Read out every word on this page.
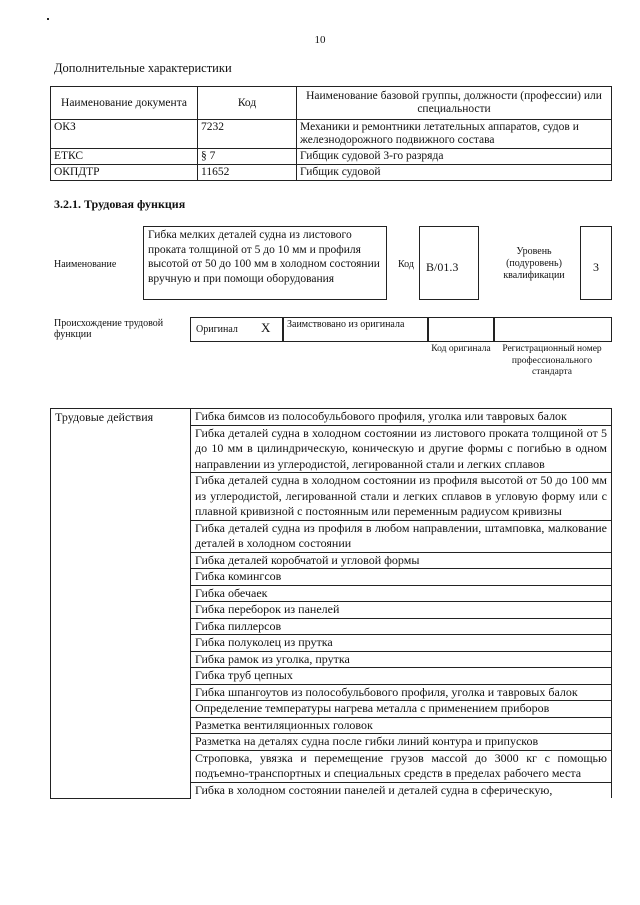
10
Дополнительные характеристики
Наименование документа	Код	Наименование базовой группы, должности (профессии) или специальности
ОКЗ	7232	Механики и ремонтники летательных аппаратов, судов и железнодорожного подвижного состава
ЕТКС	§ 7	Гибщик судовой 3-го разряда
ОКПДТР	11652	Гибщик судовой
3.2.1. Трудовая функция
Наименование
Гибка мелких деталей судна из листового проката толщиной от 5 до 10 мм и профиля высотой от 50 до 100 мм в холодном состоянии вручную и при помощи оборудования
Код	B/01.3
Уровень (подуровень) квалификации
3
Происхождение трудовой функции	Оригинал X	Заимствовано из оригинала
Код оригинала	Регистрационный номер профессионального стандарта
Трудовые действия	Гибка бимсов из полособульбового профиля, уголка или тавровых балок
Гибка деталей судна в холодном состоянии из листового проката толщиной от 5 до 10 мм в цилиндрическую, коническую и другие формы с погибью в одном направлении из углеродистой, легированной стали и легких сплавов
Гибка деталей судна в холодном состоянии из профиля высотой от 50 до 100 мм из углеродистой, легированной стали и легких сплавов в угловую форму или с плавной кривизной с постоянным или переменным радиусом кривизны
Гибка деталей судна из профиля в любом направлении, штамповка, малкование деталей в холодном состоянии
Гибка деталей коробчатой и угловой формы
Гибка комингсов
Гибка обечаек
Гибка переборок из панелей
Гибка пиллерсов
Гибка полуколец из прутка
Гибка рамок из уголка, прутка
Гибка труб цепных
Гибка шпангоутов из полособульбового профиля, уголка и тавровых балок
Определение температуры нагрева металла с применением приборов
Разметка вентиляционных головок
Разметка на деталях судна после гибки линий контура и припусков
Строповка, увязка и перемещение грузов массой до 3000 кг с помощью подъемно-транспортных и специальных средств в пределах рабочего места
Гибка в холодном состоянии панелей и деталей судна в сферическую,
